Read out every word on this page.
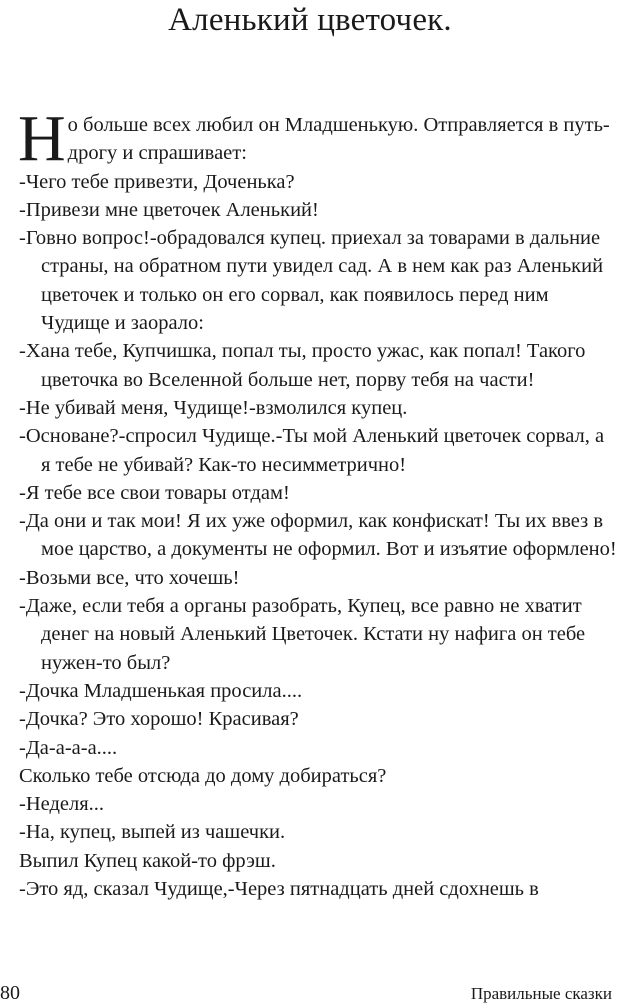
Аленький цветочек.
Но больше всех любил он Младшенькую. Отправляется в путь-дрогу и спрашивает:

-Чего тебе привезти, Доченька?

-Привези мне цветочек Аленький!

-Говно вопрос!-обрадовался купец. приехал за товарами в дальние страны, на обратном пути увидел сад. А в нем как раз Аленький цветочек и только он его сорвал, как появилось перед ним Чудище и заорало:

-Хана тебе, Купчишка, попал ты, просто ужас, как попал! Такого цветочка во Вселенной больше нет, порву тебя на части!

-Не убивай меня, Чудище!-взмолился купец.

-Основане?-спросил Чудище.-Ты мой Аленький цветочек сорвал, а я тебе не убивай? Как-то несимметрично!

-Я тебе все свои товары отдам!

-Да они и так мои! Я их уже оформил, как конфискат! Ты их ввез в мое царство, а документы не оформил. Вот и изъятие оформлено!

-Возьми все, что хочешь!

-Даже, если тебя а органы разобрать, Купец, все равно не хватит денег на новый Аленький Цветочек. Кстати ну нафига он тебе нужен-то был?

-Дочка Младшенькая просила....

-Дочка? Это хорошо! Красивая?

-Да-а-а-а....

Сколько тебе отсюда до дому добираться?

-Неделя...

-На, купец, выпей из чашечки.

Выпил Купец какой-то фрэш.

-Это яд, сказал Чудище,-Через пятнадцать дней сдохнешь в

80	Правильные сказки
